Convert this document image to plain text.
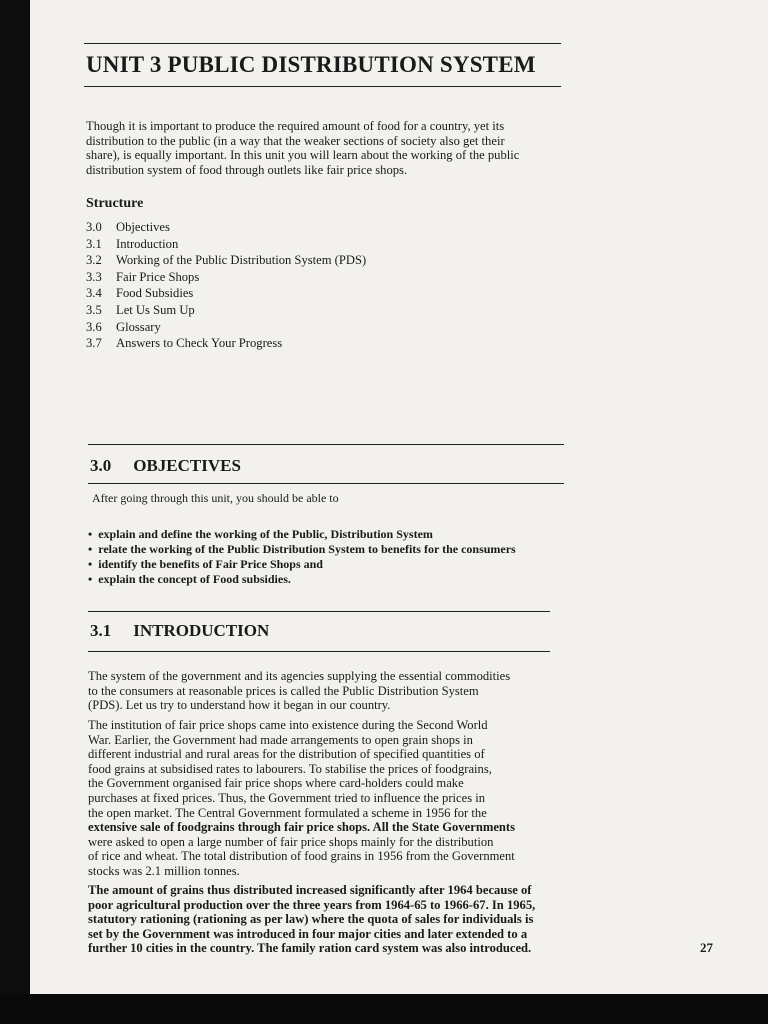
UNIT 3 PUBLIC DISTRIBUTION SYSTEM

Though it is important to produce the required amount of food for a country, yet its

distribution to the public (in a way that the weaker sections of society also get their

share), is equally important. In this unit you will learn about the working of the public

distribution system of food through outlets like fair price shops.

Structure
3.0	Objectives
3.1	Introduction
3.2	Working of the Public Distribution System (PDS)
3.3	Fair Price Shops
3.4	Food Subsidies
3.5	Let Us Sum Up
3.6	Glossary
3.7	Answers to Check Your Progress
3.0 OBJECTIVES

After going through this unit, you should be able to

• explain and define the working of the Public, Distribution System
• relate the working of the Public Distribution System to benefits for the consumers
• identify the benefits of Fair Price Shops and
• explain the concept of Food subsidies.
3.1 INTRODUCTION

The system of the government and its agencies supplying the essential commodities

to the consumers at reasonable prices is called the Public Distribution System

(PDS). Let us try to understand how it began in our country.

The institution of fair price shops came into existence during the Second World

War. Earlier, the Government had made arrangements to open grain shops in

different industrial and rural areas for the distribution of specified quantities of

food grains at subsidised rates to labourers. To stabilise the prices of foodgrains,

the Government organised fair price shops where card-holders could make

purchases at fixed prices. Thus, the Government tried to influence the prices in

the open market. The Central Government formulated a scheme in 1956 for the

extensive sale of foodgrains through fair price shops. All the State Governments

were asked to open a large number of fair price shops mainly for the distribution

of rice and wheat. The total distribution of food grains in 1956 from the Government

stocks was 2.1 million tonnes.

The amount of grains thus distributed increased significantly after 1964 because of

poor agricultural production over the three years from 1964-65 to 1966-67. In 1965,

statutory rationing (rationing as per law) where the quota of sales for individuals is

set by the Government was introduced in four major cities and later extended to a

further 10 cities in the country. The family ration card system was also introduced.	27
